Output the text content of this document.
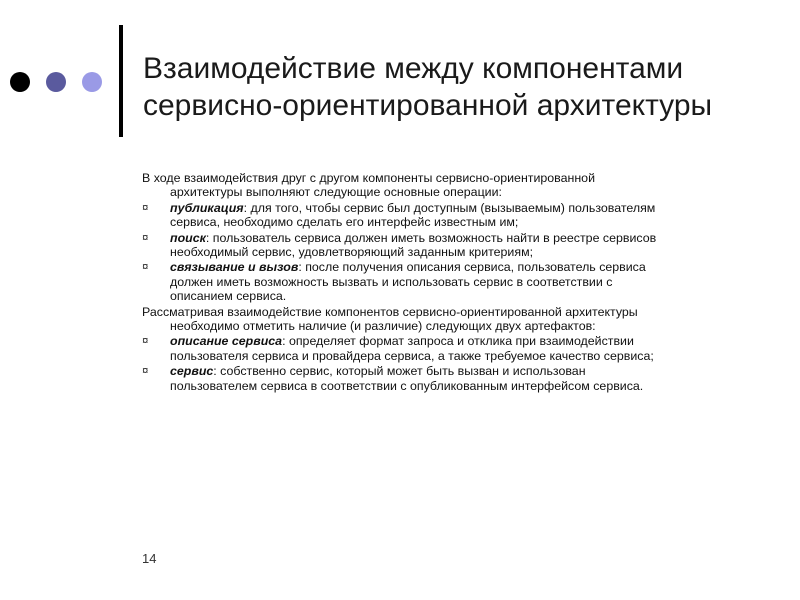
Взаимодействие между компонентами
сервисно-ориентированной архитектуры

В ходе взаимодействия друг с другом компоненты сервисно-ориентированной
архитектуры выполняют следующие основные операции:

¤ публикация: для того, чтобы сервис был доступным (вызываемым) пользователям
сервиса, необходимо сделать его интерфейс известным им;
¤ поиск: пользователь сервиса должен иметь возможность найти в реестре сервисов
необходимый сервис, удовлетворяющий заданным критериям;
¤ связывание и вызов: после получения описания сервиса, пользователь сервиса
должен иметь возможность вызвать и использовать сервис в соответствии с
описанием сервиса.

Рассматривая взаимодействие компонентов сервисно-ориентированной архитектуры
необходимо отметить наличие (и различие) следующих двух артефактов:

¤ описание сервиса: определяет формат запроса и отклика при взаимодействии
пользователя сервиса и провайдера сервиса, а также требуемое качество сервиса;
¤ сервис: собственно сервис, который может быть вызван и использован
пользователем сервиса в соответствии с опубликованным интерфейсом сервиса.
14
